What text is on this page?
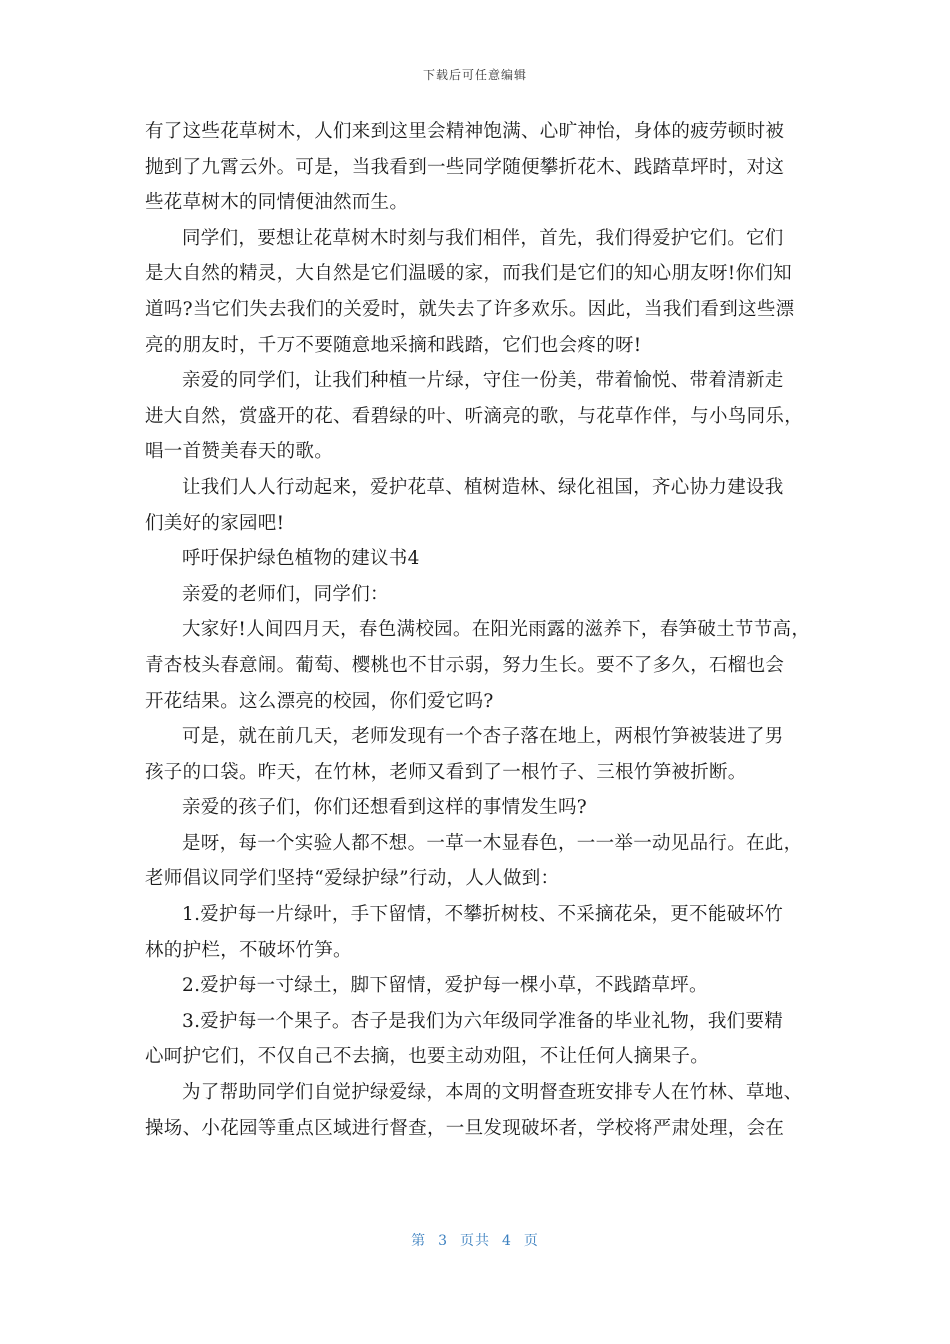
下载后可任意编辑
有了这些花草树木，人们来到这里会精神饱满、心旷神怡，身体的疲劳顿时被
抛到了九霄云外。可是，当我看到一些同学随便攀折花木、践踏草坪时，对这
些花草树木的同情便油然而生。
同学们，要想让花草树木时刻与我们相伴，首先，我们得爱护它们。它们
是大自然的精灵，大自然是它们温暖的家，而我们是它们的知心朋友呀!你们知
道吗?当它们失去我们的关爱时，就失去了许多欢乐。因此，当我们看到这些漂
亮的朋友时，千万不要随意地采摘和践踏，它们也会疼的呀!
亲爱的同学们，让我们种植一片绿，守住一份美，带着愉悦、带着清新走
进大自然，赏盛开的花、看碧绿的叶、听滴亮的歌，与花草作伴，与小鸟同乐，
唱一首赞美春天的歌。
让我们人人行动起来，爱护花草、植树造林、绿化祖国，齐心协力建设我
们美好的家园吧!
呼吁保护绿色植物的建议书4
亲爱的老师们，同学们：
大家好!人间四月天，春色满校园。在阳光雨露的滋养下，春笋破土节节高，
青杏枝头春意闹。葡萄、樱桃也不甘示弱，努力生长。要不了多久，石榴也会
开花结果。这么漂亮的校园，你们爱它吗?
可是，就在前几天，老师发现有一个杏子落在地上，两根竹笋被装进了男
孩子的口袋。昨天，在竹林，老师又看到了一根竹子、三根竹笋被折断。
亲爱的孩子们，你们还想看到这样的事情发生吗?
是呀，每一个实验人都不想。一草一木显春色，一一举一动见品行。在此，
老师倡议同学们坚持“爱绿护绿”行动，人人做到：
1.爱护每一片绿叶，手下留情，不攀折树枝、不采摘花朵，更不能破坏竹
林的护栏，不破坏竹笋。
2.爱护每一寸绿土，脚下留情，爱护每一棵小草，不践踏草坪。
3.爱护每一个果子。杏子是我们为六年级同学准备的毕业礼物，我们要精
心呵护它们，不仅自己不去摘，也要主动劝阻，不让任何人摘果子。
为了帮助同学们自觉护绿爱绿，本周的文明督查班安排专人在竹林、草地、
操场、小花园等重点区域进行督查，一旦发现破坏者，学校将严肃处理，会在
第 3 页共 4 页
